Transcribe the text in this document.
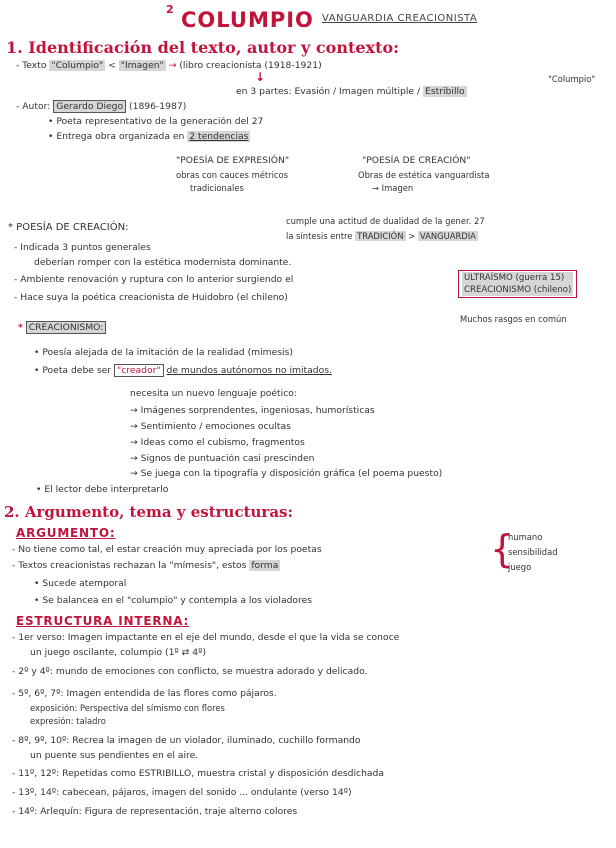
2 COLUMPIO VANGUARDIA CREACIONISTA
1. Identificación del texto, autor y contexto:
- Texto "Columpio" < "Imagen" → (libro creacionista (1918-1921)
↓
en 3 partes: Evasión / Imagen múltiple / Estribillo
"Columpio"
- Autor: Gerardo Diego (1896-1987)
• Poeta representativo de la generación del 27
• Entrega obra organizada en 2 tendencias
"POESÍA DE EXPRESIÓN"
obras con cauces métricos
tradicionales
"POESÍA DE CREACIÓN"
Obras de estética vanguardista
→ Imagen
* POESÍA DE CREACIÓN:
cumple una actitud de dualidad de la gener. 27
la síntesis entre TRADICIÓN > VANGUARDIA
- Indicada 3 puntos generales
deberían romper con la estética modernista dominante.
- Ambiente renovación y ruptura con lo anterior surgiendo el
- Hace suya la poética creacionista de Huidobro (el chileno)
ULTRAÍSMO (guerra 15)
CREACIONISMO (chileno)
Muchos rasgos en común
* CREACIONISMO:
• Poesía alejada de la imitación de la realidad (mimesis)
• Poeta debe ser "creador" de mundos autónomos no imitados.
necesita un nuevo lenguaje poético:
→ Imágenes sorprendentes, ingeniosas, humorísticas
→ Sentimiento / emociones ocultas
→ Ideas como el cubismo, fragmentos
→ Signos de puntuación casi prescinden
→ Se juega con la tipografía y disposición gráfica (el poema puesto)
• El lector debe interpretarlo
2. Argumento, tema y estructuras:
ARGUMENTO:
- No tiene como tal, el estar creación muy apreciada por los poetas
- Textos creacionistas rechazan la "mímesis", estos forma
• Sucede atemporal
• Se balancea en el "columpio" y contempla a los violadores
{
humano
sensibilidad
juego
ESTRUCTURA INTERNA:
- 1er verso: Imagen impactante en el eje del mundo, desde el que la vida se conoce
un juego oscilante, columpio (1º ⇄ 4º)
- 2º y 4º: mundo de emociones con conflicto, se muestra adorado y delicado.
- 5º, 6º, 7º: Imagen entendida de las flores como pájaros.
exposición: Perspectiva del símismo con flores
expresión: taladro
- 8º, 9º, 10º: Recrea la imagen de un violador, iluminado, cuchillo formando
un puente sus pendientes en el aire.
- 11º, 12º: Repetidas como ESTRIBILLO, muestra cristal y disposición desdichada
- 13º, 14º: cabecean, pájaros, imagen del sonido ... ondulante (verso 14º)
- 14º: Arlequín: Figura de representación, traje alterno colores
